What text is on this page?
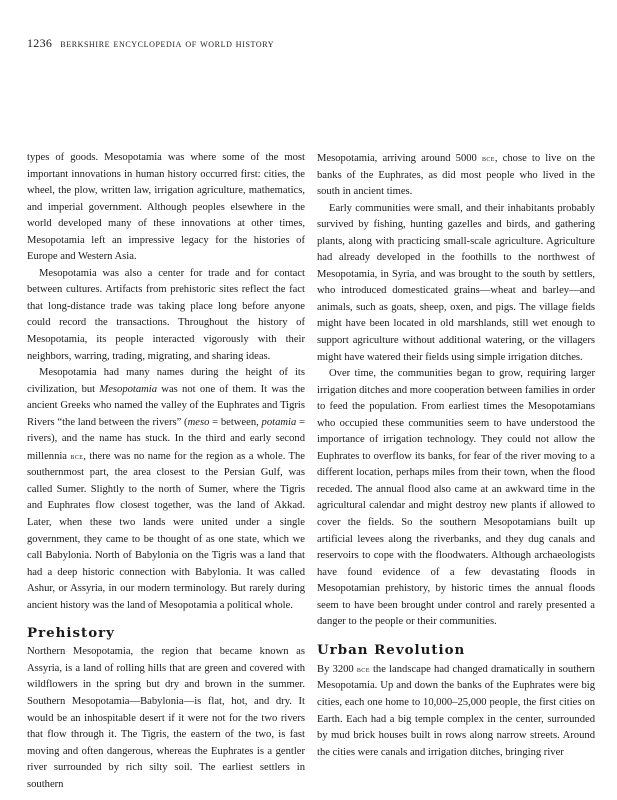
1236 berkshire encyclopedia of world history

types of goods. Mesopotamia was where some of the most important innovations in human history occurred first: cities, the wheel, the plow, written law, irrigation agriculture, mathematics, and imperial government. Although peoples elsewhere in the world developed many of these innovations at other times, Mesopotamia left an impressive legacy for the histories of Europe and Western Asia.

Mesopotamia was also a center for trade and for contact between cultures. Artifacts from prehistoric sites reflect the fact that long-distance trade was taking place long before anyone could record the transactions. Throughout the history of Mesopotamia, its people interacted vigorously with their neighbors, warring, trading, migrating, and sharing ideas.

Mesopotamia had many names during the height of its civilization, but Mesopotamia was not one of them. It was the ancient Greeks who named the valley of the Euphrates and Tigris Rivers “the land between the rivers” (meso = between, potamia = rivers), and the name has stuck. In the third and early second millennia bce, there was no name for the region as a whole. The southernmost part, the area closest to the Persian Gulf, was called Sumer. Slightly to the north of Sumer, where the Tigris and Euphrates flow closest together, was the land of Akkad. Later, when these two lands were united under a single government, they came to be thought of as one state, which we call Babylonia. North of Babylonia on the Tigris was a land that had a deep historic connection with Babylonia. It was called Ashur, or Assyria, in our modern terminology. But rarely during ancient history was the land of Mesopotamia a political whole.

Prehistory

Northern Mesopotamia, the region that became known as Assyria, is a land of rolling hills that are green and covered with wildflowers in the spring but dry and brown in the summer. Southern Mesopotamia—Babylonia—is flat, hot, and dry. It would be an inhospitable desert if it were not for the two rivers that flow through it. The Tigris, the eastern of the two, is fast moving and often dangerous, whereas the Euphrates is a gentler river surrounded by rich silty soil. The earliest settlers in southern

Mesopotamia, arriving around 5000 bce, chose to live on the banks of the Euphrates, as did most people who lived in the south in ancient times.

Early communities were small, and their inhabitants probably survived by fishing, hunting gazelles and birds, and gathering plants, along with practicing small-scale agriculture. Agriculture had already developed in the foothills to the northwest of Mesopotamia, in Syria, and was brought to the south by settlers, who introduced domesticated grains—wheat and barley—and animals, such as goats, sheep, oxen, and pigs. The village fields might have been located in old marshlands, still wet enough to support agriculture without additional watering, or the villagers might have watered their fields using simple irrigation ditches.

Over time, the communities began to grow, requiring larger irrigation ditches and more cooperation between families in order to feed the population. From earliest times the Mesopotamians who occupied these communities seem to have understood the importance of irrigation technology. They could not allow the Euphrates to overflow its banks, for fear of the river moving to a different location, perhaps miles from their town, when the flood receded. The annual flood also came at an awkward time in the agricultural calendar and might destroy new plants if allowed to cover the fields. So the southern Mesopotamians built up artificial levees along the riverbanks, and they dug canals and reservoirs to cope with the floodwaters. Although archaeologists have found evidence of a few devastating floods in Mesopotamian prehistory, by historic times the annual floods seem to have been brought under control and rarely presented a danger to the people or their communities.

Urban Revolution

By 3200 bce the landscape had changed dramatically in southern Mesopotamia. Up and down the banks of the Euphrates were big cities, each one home to 10,000–25,000 people, the first cities on Earth. Each had a big temple complex in the center, surrounded by mud brick houses built in rows along narrow streets. Around the cities were canals and irrigation ditches, bringing river
